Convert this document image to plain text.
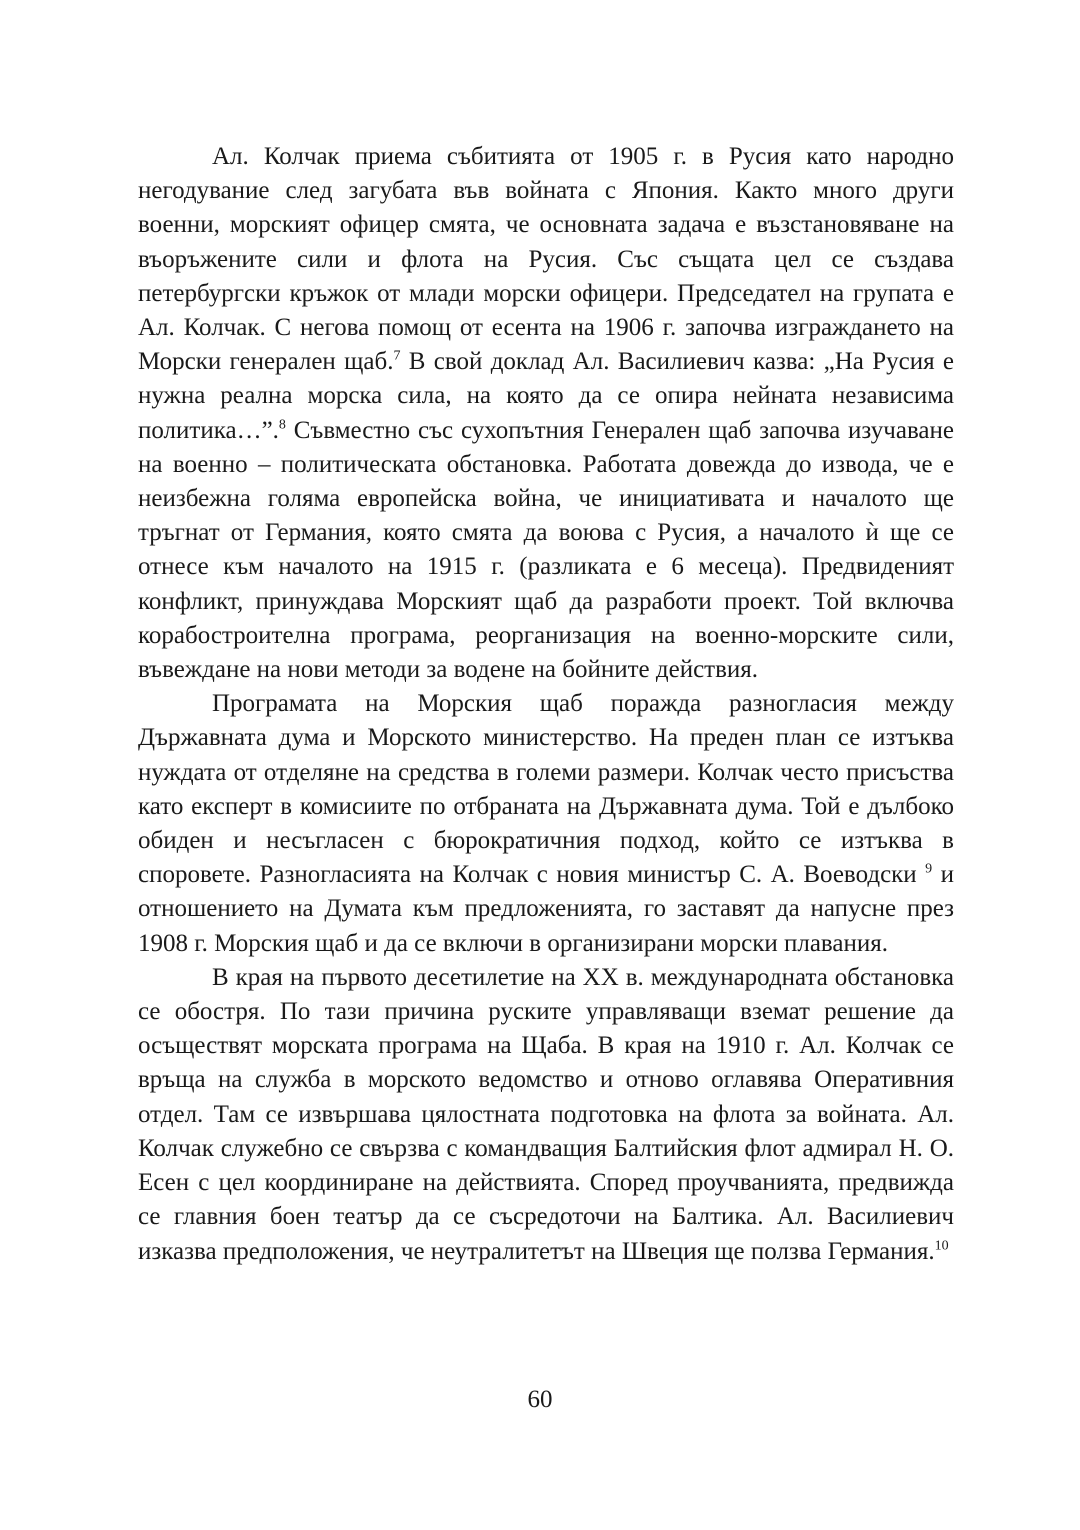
Ал. Колчак приема събитията от 1905 г. в Русия като народно негодувание след загубата във войната с Япония. Както много други военни, морският офицер смята, че основната задача е възстановяване на въоръжените сили и флота на Русия. Със същата цел се създава петербургски кръжок от млади морски офицери. Председател на групата е Ал. Колчак. С негова помощ от есента на 1906 г. започва изграждането на Морски генерален щаб.$^7$ В свой доклад Ал. Василиевич казва: „На Русия е нужна реална морска сила, на която да се опира нейната независима политика…”.$^8$ Съвместно със сухопътния Генерален щаб започва изучаване на военно – политическата обстановка. Работата довежда до извода, че е неизбежна голяма европейска война, че инициативата и началото ще тръгнат от Германия, която смята да воюва с Русия, а началото ѝ ще се отнесе към началото на 1915 г. (разликата е 6 месеца). Предвиденият конфликт, принуждава Морският щаб да разработи проект. Той включва корабостроителна програма, реорганизация на военно-морските сили, въвеждане на нови методи за водене на бойните действия.

Програмата на Морския щаб поражда разногласия между Държавната дума и Морското министерство. На преден план се изтъква нуждата от отделяне на средства в големи размери. Колчак често присъства като експерт в комисиите по отбраната на Държавната дума. Той е дълбоко обиден и несъгласен с бюрократичния подход, който се изтъква в споровете. Разногласията на Колчак с новия министър С. А. Воеводски $^9$ и отношението на Думата към предложенията, го заставят да напусне през 1908 г. Морския щаб и да се включи в организирани морски плавания.

В края на първото десетилетие на ХХ в. международната обстановка се обостря. По тази причина руските управляващи вземат решение да осъществят морската програма на Щаба. В края на 1910 г. Ал. Колчак се връща на служба в морското ведомство и отново оглавява Оперативния отдел. Там се извършава цялостната подготовка на флота за войната. Ал. Колчак служебно се свързва с командващия Балтийския флот адмирал Н. О. Есен с цел координиране на действията. Според проучванията, предвижда се главния боен театър да се съсредоточи на Балтика. Ал. Василиевич изказва предположения, че неутралитетът на Швеция ще ползва Германия.$^{10}$

60
